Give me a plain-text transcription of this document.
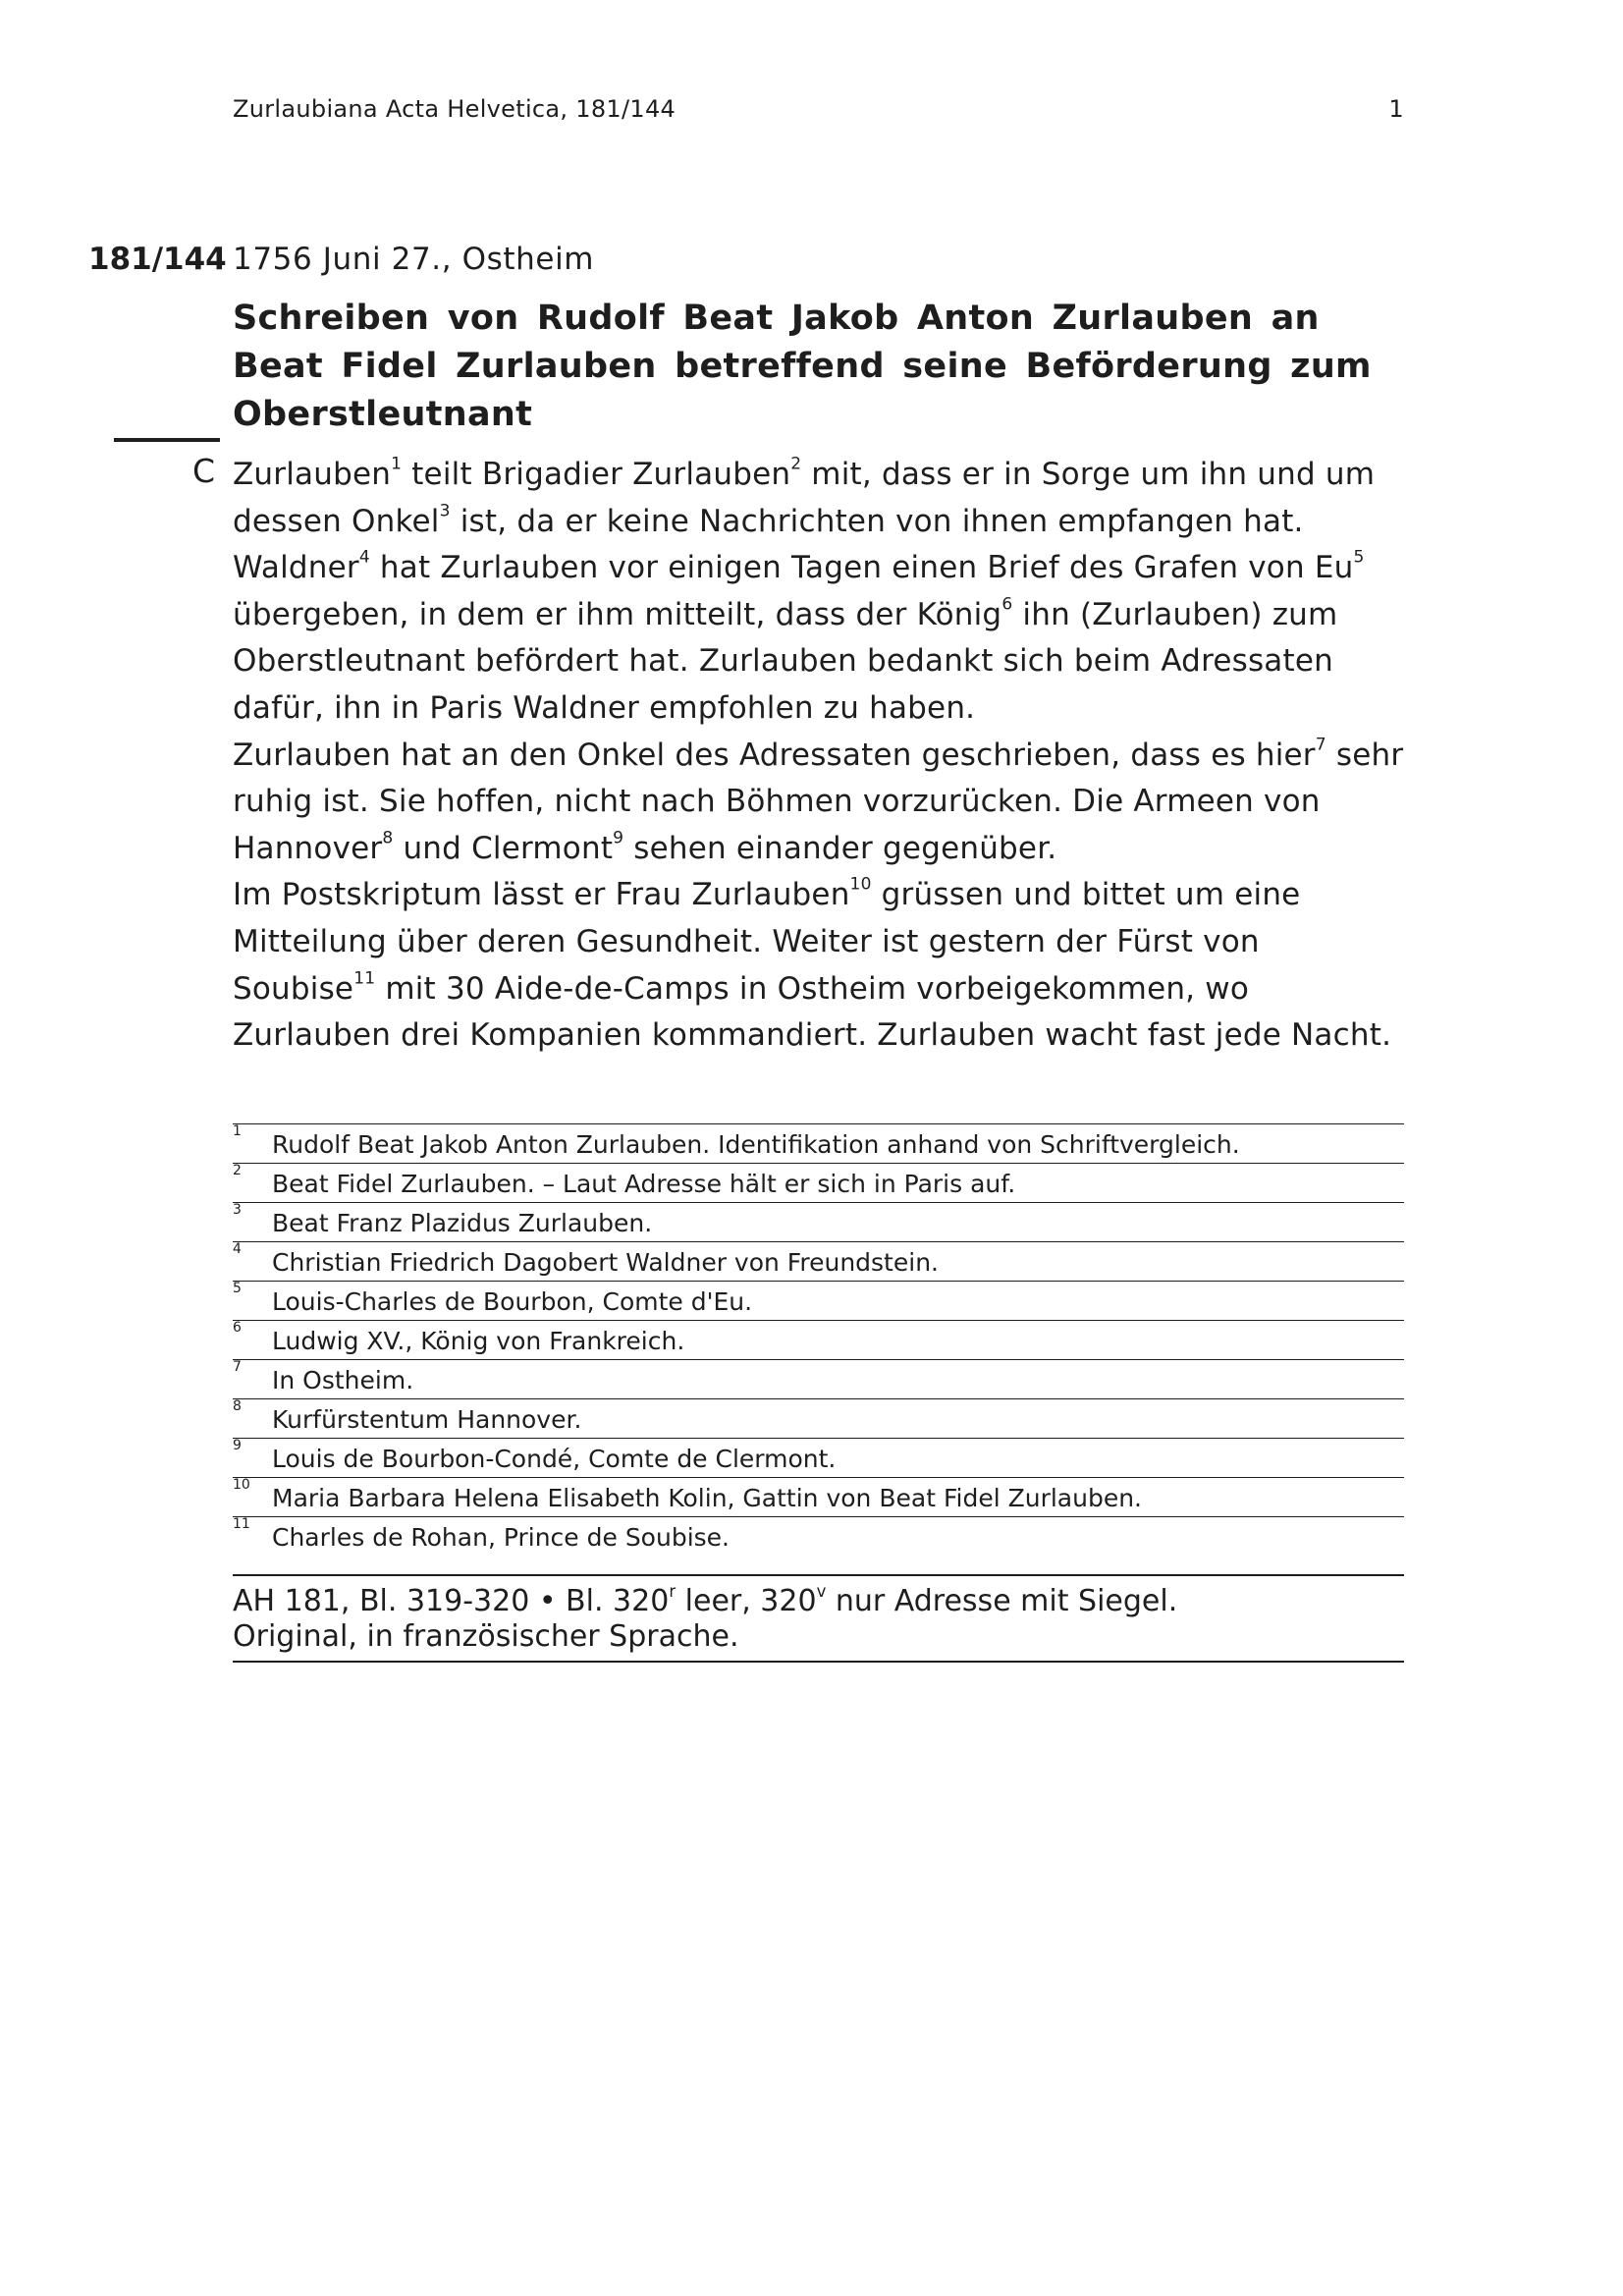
Zurlaubiana Acta Helvetica, 181/144	1
181/144 1756 Juni 27., Ostheim
Schreiben von Rudolf Beat Jakob Anton Zurlauben an Beat Fidel Zurlauben betreffend seine Beförderung zum Oberstleutnant
C Zurlauben$^1$ teilt Brigadier Zurlauben$^2$ mit, dass er in Sorge um ihn und um dessen Onkel$^3$ ist, da er keine Nachrichten von ihnen empfangen hat. Waldner$^4$ hat Zurlauben vor einigen Tagen einen Brief des Grafen von Eu$^5$ übergeben, in dem er ihm mitteilt, dass der König$^6$ ihn (Zurlauben) zum Oberstleutnant befördert hat. Zurlauben bedankt sich beim Adressaten dafür, ihn in Paris Waldner empfohlen zu haben.

Zurlauben hat an den Onkel des Adressaten geschrieben, dass es hier$^7$ sehr ruhig ist. Sie hoffen, nicht nach Böhmen vorzurücken. Die Armeen von Hannover$^8$ und Clermont$^9$ sehen einander gegenüber.

Im Postskriptum lässt er Frau Zurlauben$^{10}$ grüssen und bittet um eine Mitteilung über deren Gesundheit. Weiter ist gestern der Fürst von Soubise$^{11}$ mit 30 Aide-de-Camps in Ostheim vorbeigekommen, wo Zurlauben drei Kompanien kommandiert. Zurlauben wacht fast jede Nacht.

1 Rudolf Beat Jakob Anton Zurlauben. Identifikation anhand von Schriftvergleich.
2 Beat Fidel Zurlauben. – Laut Adresse hält er sich in Paris auf.
3 Beat Franz Plazidus Zurlauben.
4 Christian Friedrich Dagobert Waldner von Freundstein.
5 Louis-Charles de Bourbon, Comte d'Eu.
6 Ludwig XV., König von Frankreich.
7 In Ostheim.
8 Kurfürstentum Hannover.
9 Louis de Bourbon-Condé, Comte de Clermont.
10 Maria Barbara Helena Elisabeth Kolin, Gattin von Beat Fidel Zurlauben.
11 Charles de Rohan, Prince de Soubise.
AH 181, Bl. 319-320 • Bl. 320$^r$ leer, 320$^v$ nur Adresse mit Siegel.
Original, in französischer Sprache.
